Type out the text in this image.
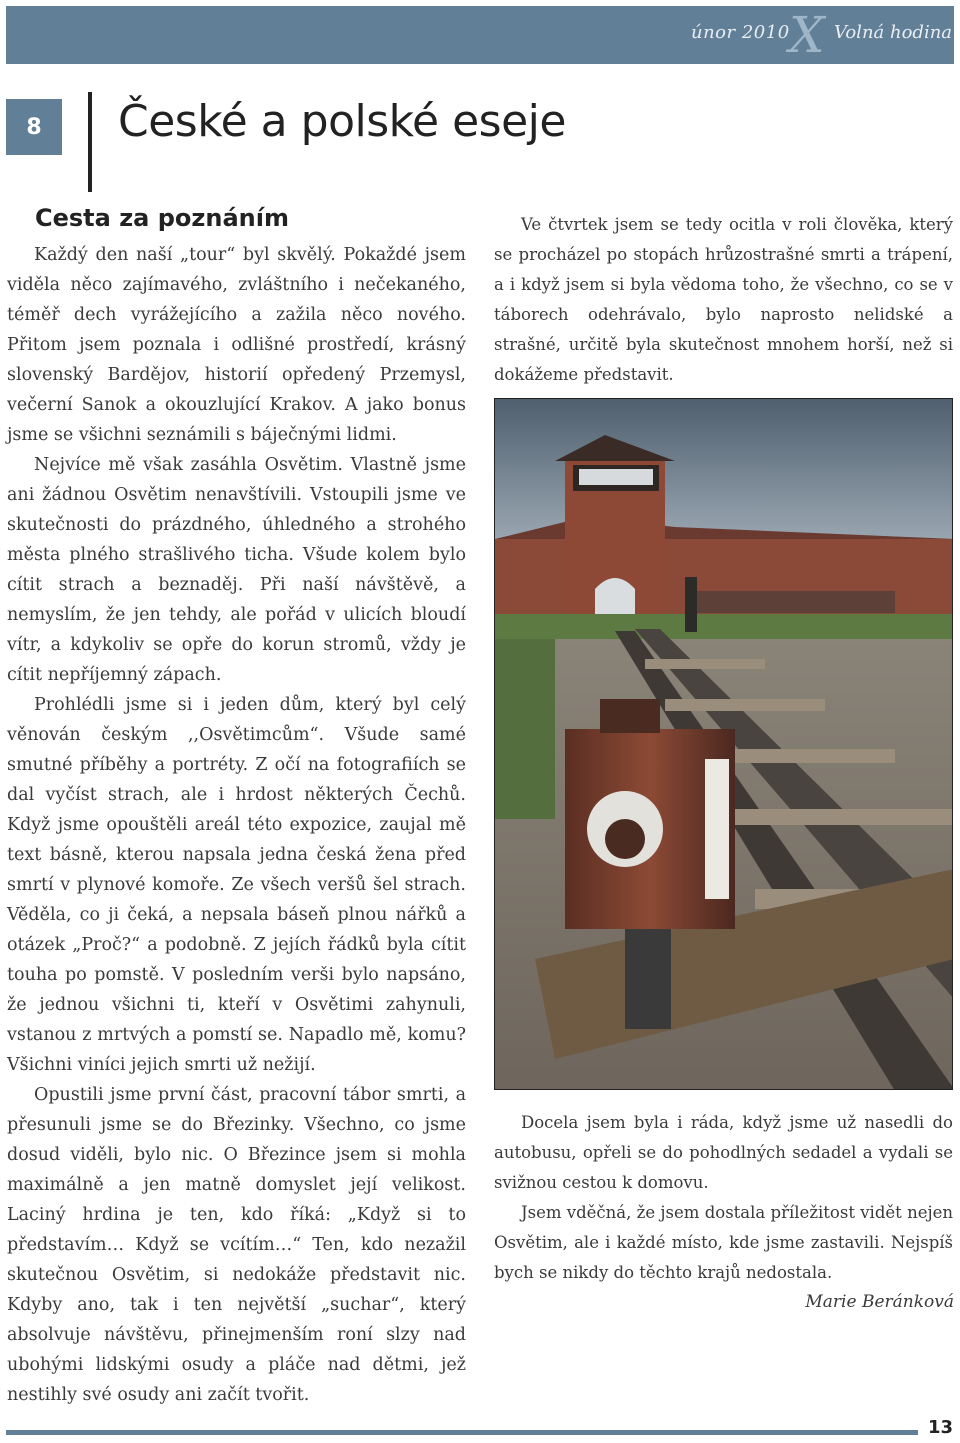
únor 2010 X Volná hodina
8	České a polské eseje
Cesta za poznáním

Každý den naší „tour“ byl skvělý. Pokaždé jsem viděla něco zajímavého, zvláštního i nečekaného, téměř dech vyrážejícího a zažila něco nového. Přitom jsem poznala i odlišné prostředí, krásný slovenský Bardějov, historií opředený Przemysl, večerní Sanok a okouzlující Krakov. A jako bonus jsme se všichni seznámili s báječnými lidmi.

Nejvíce mě však zasáhla Osvětim. Vlastně jsme ani žádnou Osvětim nenavštívili. Vstoupili jsme ve skutečnosti do prázdného, úhledného a strohého města plného strašlivého ticha. Všude kolem bylo cítit strach a beznaděj. Při naší návštěvě, a nemyslím, že jen tehdy, ale pořád v ulicích bloudí vítr, a kdykoliv se opře do korun stromů, vždy je cítit nepříjemný zápach.

Prohlédli jsme si i jeden dům, který byl celý věnován českým ,,Osvětimcům“. Všude samé smutné příběhy a portréty. Z očí na fotografiích se dal vyčíst strach, ale i hrdost některých Čechů. Když jsme opouštěli areál této expozice, zaujal mě text básně, kterou napsala jedna česká žena před smrtí v plynové komoře. Ze všech veršů šel strach. Věděla, co ji čeká, a nepsala báseň plnou nářků a otázek „Proč?“ a podobně. Z jejích řádků byla cítit touha po pomstě. V posledním verši bylo napsáno, že jednou všichni ti, kteří v Osvětimi zahynuli, vstanou z mrtvých a pomstí se. Napadlo mě, komu? Všichni viníci jejich smrti už nežijí.

Opustili jsme první část, pracovní tábor smrti, a přesunuli jsme se do Březinky. Všechno, co jsme dosud viděli, bylo nic. O Březince jsem si mohla maximálně a jen matně domyslet její velikost. Laciný hrdina je ten, kdo říká: „Když si to představím… Když se vcítím…“ Ten, kdo nezažil skutečnou Osvětim, si nedokáže představit nic. Kdyby ano, tak i ten největší „suchar“, který absolvuje návštěvu, přinejmenším roní slzy nad ubohými lidskými osudy a pláče nad dětmi, jež nestihly své osudy ani začít tvořit.

Ve čtvrtek jsem se tedy ocitla v roli člověka, který se procházel po stopách hrůzostrašné smrti a trápení, a i když jsem si byla vědoma toho, že všechno, co se v táborech odehrávalo, bylo naprosto nelidské a strašné, určitě byla skutečnost mnohem horší, než si dokážeme představit.

Docela jsem byla i ráda, když jsme už nasedli do autobusu, opřeli se do pohodlných sedadel a vydali se svižnou cestou k domovu.

Jsem vděčná, že jsem dostala příležitost vidět nejen Osvětim, ale i každé místo, kde jsme zastavili. Nejspíš bych se nikdy do těchto krajů nedostala.

Marie Beránková
13
